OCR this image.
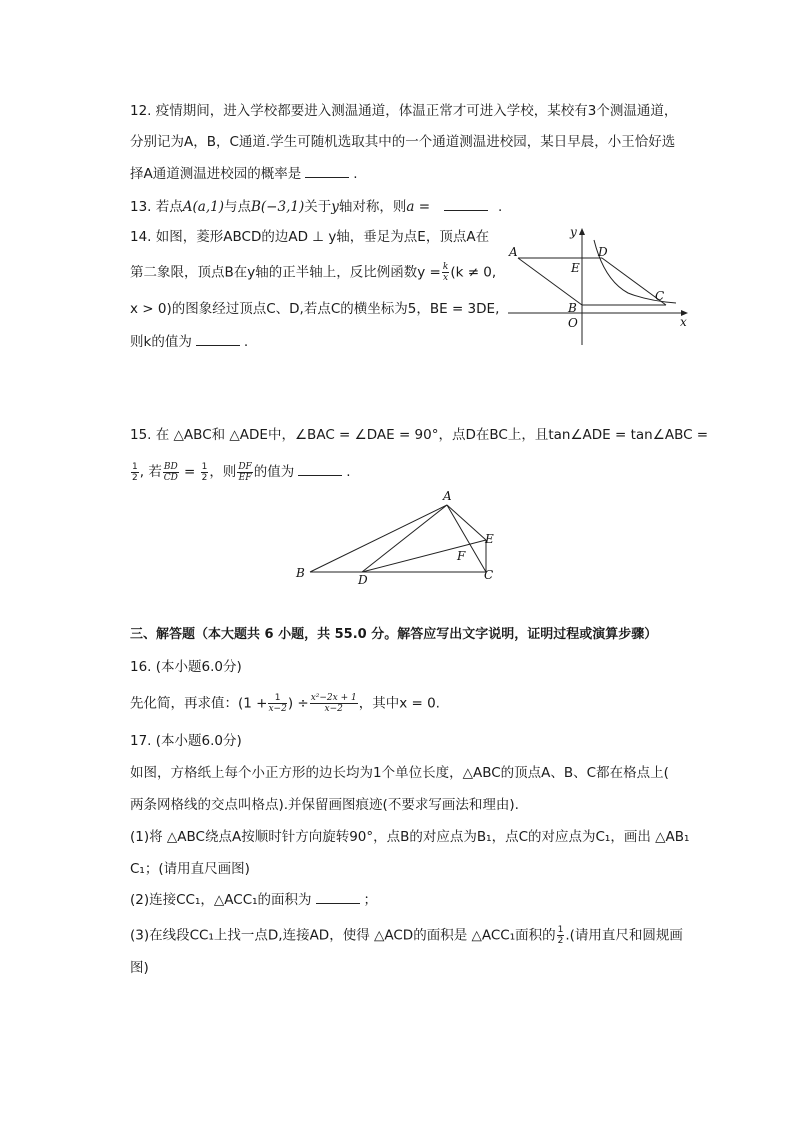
12. 疫情期间，进入学校都要进入测温通道，体温正常才可进入学校，某校有3个测温通道，
分别记为A，B，C通道.学生可随机选取其中的一个通道测温进校园，某日早晨，小王恰好选
择A通道测温进校园的概率是	.
13. 若点A(a,1)与点B(−3,1)关于y轴对称，则a =	.
14. 如图，菱形ABCD的边AD ⊥ y轴，垂足为点E，顶点A在
第二象限，顶点B在y轴的正半轴上，反比例函数$y = \frac{k}{x} (k \ne 0$,
x > 0)的图象经过顶点C、D,若点C的横坐标为5，BE = 3DE,
则k的值为	.
y
A	D
E
B
C
O	x
15. 在 △ABC和 △ADE中，∠BAC = ∠DAE = 90°，点D在BC上，且tan∠ADE = tan∠ABC =
$\frac{1}{2}$ , 若 $\frac{BD}{CD} = \frac{1}{2}$ ，则 $\frac{DF}{EF}$ 的值为	.
A
B	D	C
E
F
三、解答题（本大题共 6 小题，共 55.0 分。解答应写出文字说明，证明过程或演算步骤）
16. (本小题6.0分)
先化简，再求值：($1 + \frac{1}{x-2}$ ) ÷ $\frac{\text{x²−2x + 1}}{x-2}$ ，其中x = 0.
17. (本小题6.0分)
如图，方格纸上每个小正方形的边长均为1个单位长度，△ABC的顶点A、B、C都在格点上(
两条网格线的交点叫格点).并保留画图痕迹(不要求写画法和理由).
(1)将 △ABC绕点A按顺时针方向旋转90°，点B的对应点为B₁，点C的对应点为C₁，画出 △AB₁
C₁；(请用直尺画图)
(2)连接CC₁，△ACC₁的面积为	；
(3)在线段CC₁上找一点D,连接AD，使得 △ACD的面积是 △ACC₁面积的 $\frac{1}{2}$ .(请用直尺和圆规画
图)
